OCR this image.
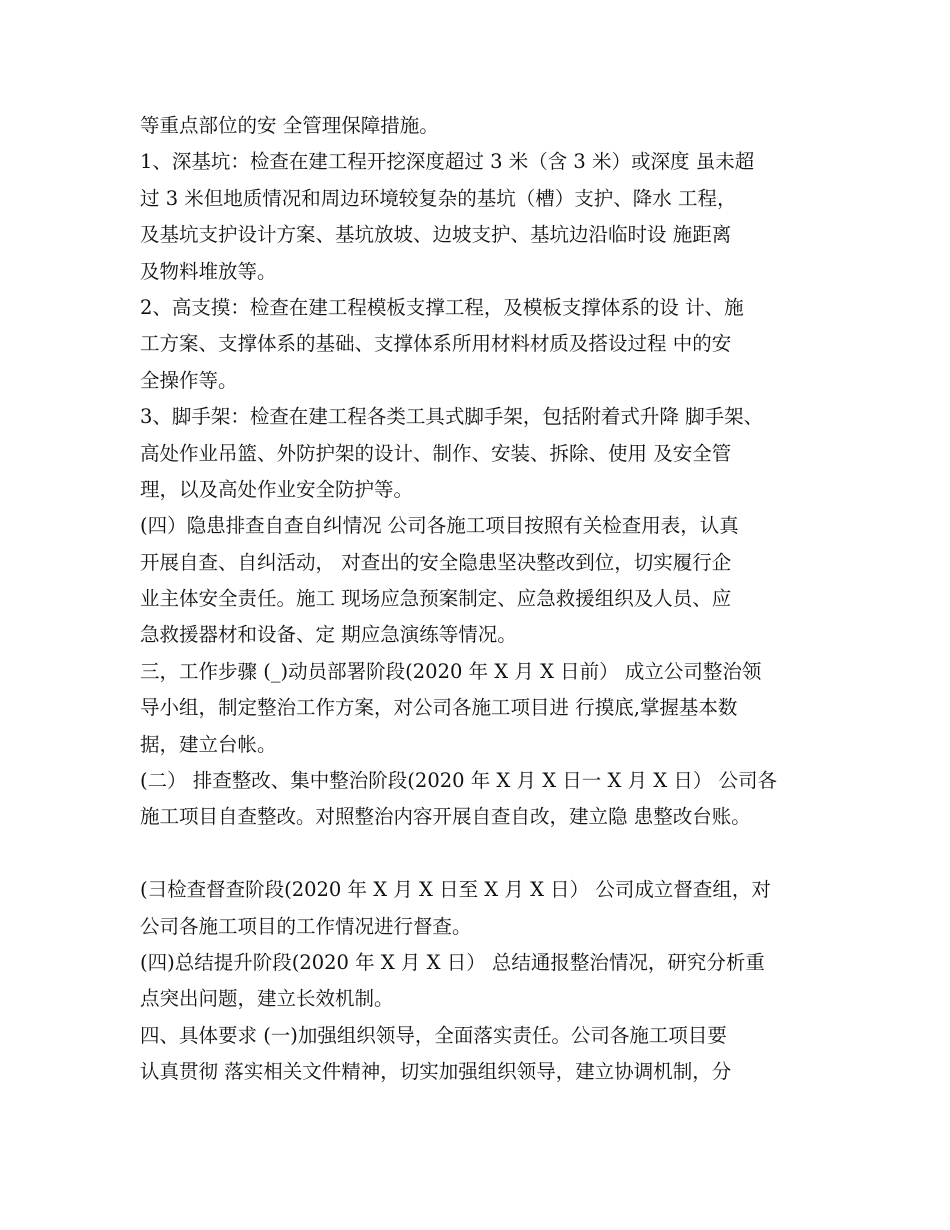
等重点部位的安 全管理保障措施。
1、深基坑：检查在建工程开挖深度超过 3 米（含 3 米）或深度 虽未超
过 3 米但地质情况和周边环境较复杂的基坑（槽）支护、降水 工程，
及基坑支护设计方案、基坑放坡、边坡支护、基坑边沿临时设 施距离
及物料堆放等。
2、高支摸：检查在建工程模板支撑工程，及模板支撑体系的设 计、施
工方案、支撑体系的基础、支撑体系所用材料材质及搭设过程 中的安
全操作等。
3、脚手架：检查在建工程各类工具式脚手架，包括附着式升降 脚手架、
高处作业吊篮、外防护架的设计、制作、安装、拆除、使用 及安全管
理，以及高处作业安全防护等。
(四）隐患排查自查自纠情况 公司各施工项目按照有关检查用表，认真
开展自查、自纠活动， 对查出的安全隐患坚决整改到位，切实履行企
业主体安全责任。施工 现场应急预案制定、应急救援组织及人员、应
急救援器材和设备、定 期应急演练等情况。
三，工作步骤 (_)动员部署阶段(2020 年 X 月 X 日前） 成立公司整治领
导小组，制定整治工作方案，对公司各施工项目进 行摸底,掌握基本数
据，建立台帐。
(二） 排查整改、集中整治阶段(2020 年 X 月 X 日一 X 月 X 日） 公司各
施工项目自查整改。对照整治内容开展自查自改，建立隐 患整改台账。
(彐检查督查阶段(2020 年 X 月 X 日至 X 月 X 日） 公司成立督查组，对
公司各施工项目的工作情况进行督查。
(四)总结提升阶段(2020 年 X 月 X 日） 总结通报整治情况，研究分析重
点突出问题，建立长效机制。
四、具体要求 (一)加强组织领导，全面落实责任。公司各施工项目要
认真贯彻 落实相关文件精神，切实加强组织领导，建立协调机制，分
